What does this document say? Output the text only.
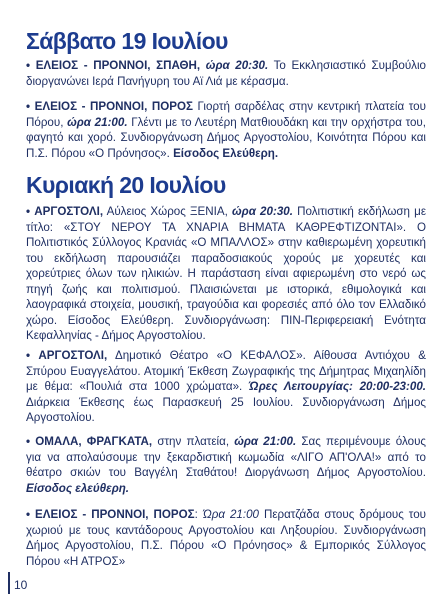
Σάββατο 19 Ιουλίου
• ΕΛΕΙΟΣ - ΠΡΟΝΝΟΙ, ΣΠΑΘΗ, ώρα 20:30. Το Εκκλησιαστικό Συμβούλιο διοργανώνει Ιερά Πανήγυρη του Αϊ Λιά με κέρασμα.
• ΕΛΕΙΟΣ - ΠΡΟΝΝΟΙ, ΠΟΡΟΣ Γιορτή σαρδέλας στην κεντρική πλατεία του Πόρου, ώρα 21:00. Γλέντι με το Λευτέρη Ματθιουδάκη και την ορχήστρα του, φαγητό και χορό. Συνδιοργάνωση Δήμος Αργοστολίου, Κοινότητα Πόρου και Π.Σ. Πόρου «Ο Πρόνησος». Είσοδος Ελεύθερη.
Κυριακή 20 Ιουλίου
• ΑΡΓΟΣΤΟΛΙ, Αύλειος Χώρος ΞΕΝΙΑ, ώρα 20:30. Πολιτιστική εκδήλωση με τίτλο: «ΣΤΟΥ ΝΕΡΟΥ ΤΑ ΧΝΑΡΙΑ ΒΗΜΑΤΑ ΚΑΘΡΕΦΤΙΖΟΝΤΑΙ». Ο Πολιτιστικός Σύλλογος Κρανιάς «Ο ΜΠΑΛΛΟΣ» στην καθιερωμένη χορευτική του εκδήλωση παρουσιάζει παραδοσιακούς χορούς με χορευτές και χορεύτριες όλων των ηλικιών. Η παράσταση είναι αφιερωμένη στο νερό ως πηγή ζωής και πολιτισμού. Πλαισιώνεται με ιστορικά, εθιμολογικά και λαογραφικά στοιχεία, μουσική, τραγούδια και φορεσιές από όλο τον Ελλαδικό χώρο. Είσοδος Ελεύθερη. Συνδιοργάνωση: ΠΙΝ-Περιφερειακή Ενότητα Κεφαλληνίας - Δήμος Αργοστολίου.
• ΑΡΓΟΣΤΟΛΙ, Δημοτικό Θέατρο «Ο ΚΕΦΑΛΟΣ». Αίθουσα Αντιόχου & Σπύρου Ευαγγελάτου. Ατομική Έκθεση Ζωγραφικής της Δήμητρας Μιχαηλίδη με θέμα: «Πουλιά στα 1000 χρώματα». Ώρες Λειτουργίας: 20:00-23:00. Διάρκεια Έκθεσης έως Παρασκευή 25 Ιουλίου. Συνδιοργάνωση Δήμος Αργοστολίου.
• ΟΜΑΛΑ, ΦΡΑΓΚΑΤΑ, στην πλατεία, ώρα 21:00. Σας περιμένουμε όλους για να απολαύσουμε την ξεκαρδιστική κωμωδία «ΛΙΓΟ ΑΠ'ΟΛΑ!» από το θέατρο σκιών του Βαγγέλη Σταθάτου! Διοργάνωση Δήμος Αργοστολίου. Είσοδος ελεύθερη.
• ΕΛΕΙΟΣ - ΠΡΟΝΝΟΙ, ΠΟΡΟΣ: Ώρα 21:00 Περατζάδα στους δρόμους του χωριού με τους καντάδορους Αργοστολίου και Ληξουρίου. Συνδιοργάνωση Δήμος Αργοστολίου, Π.Σ. Πόρου «Ο Πρόνησος» & Εμπορικός Σύλλογος Πόρου «Η ΑΤΡΟΣ»
10
